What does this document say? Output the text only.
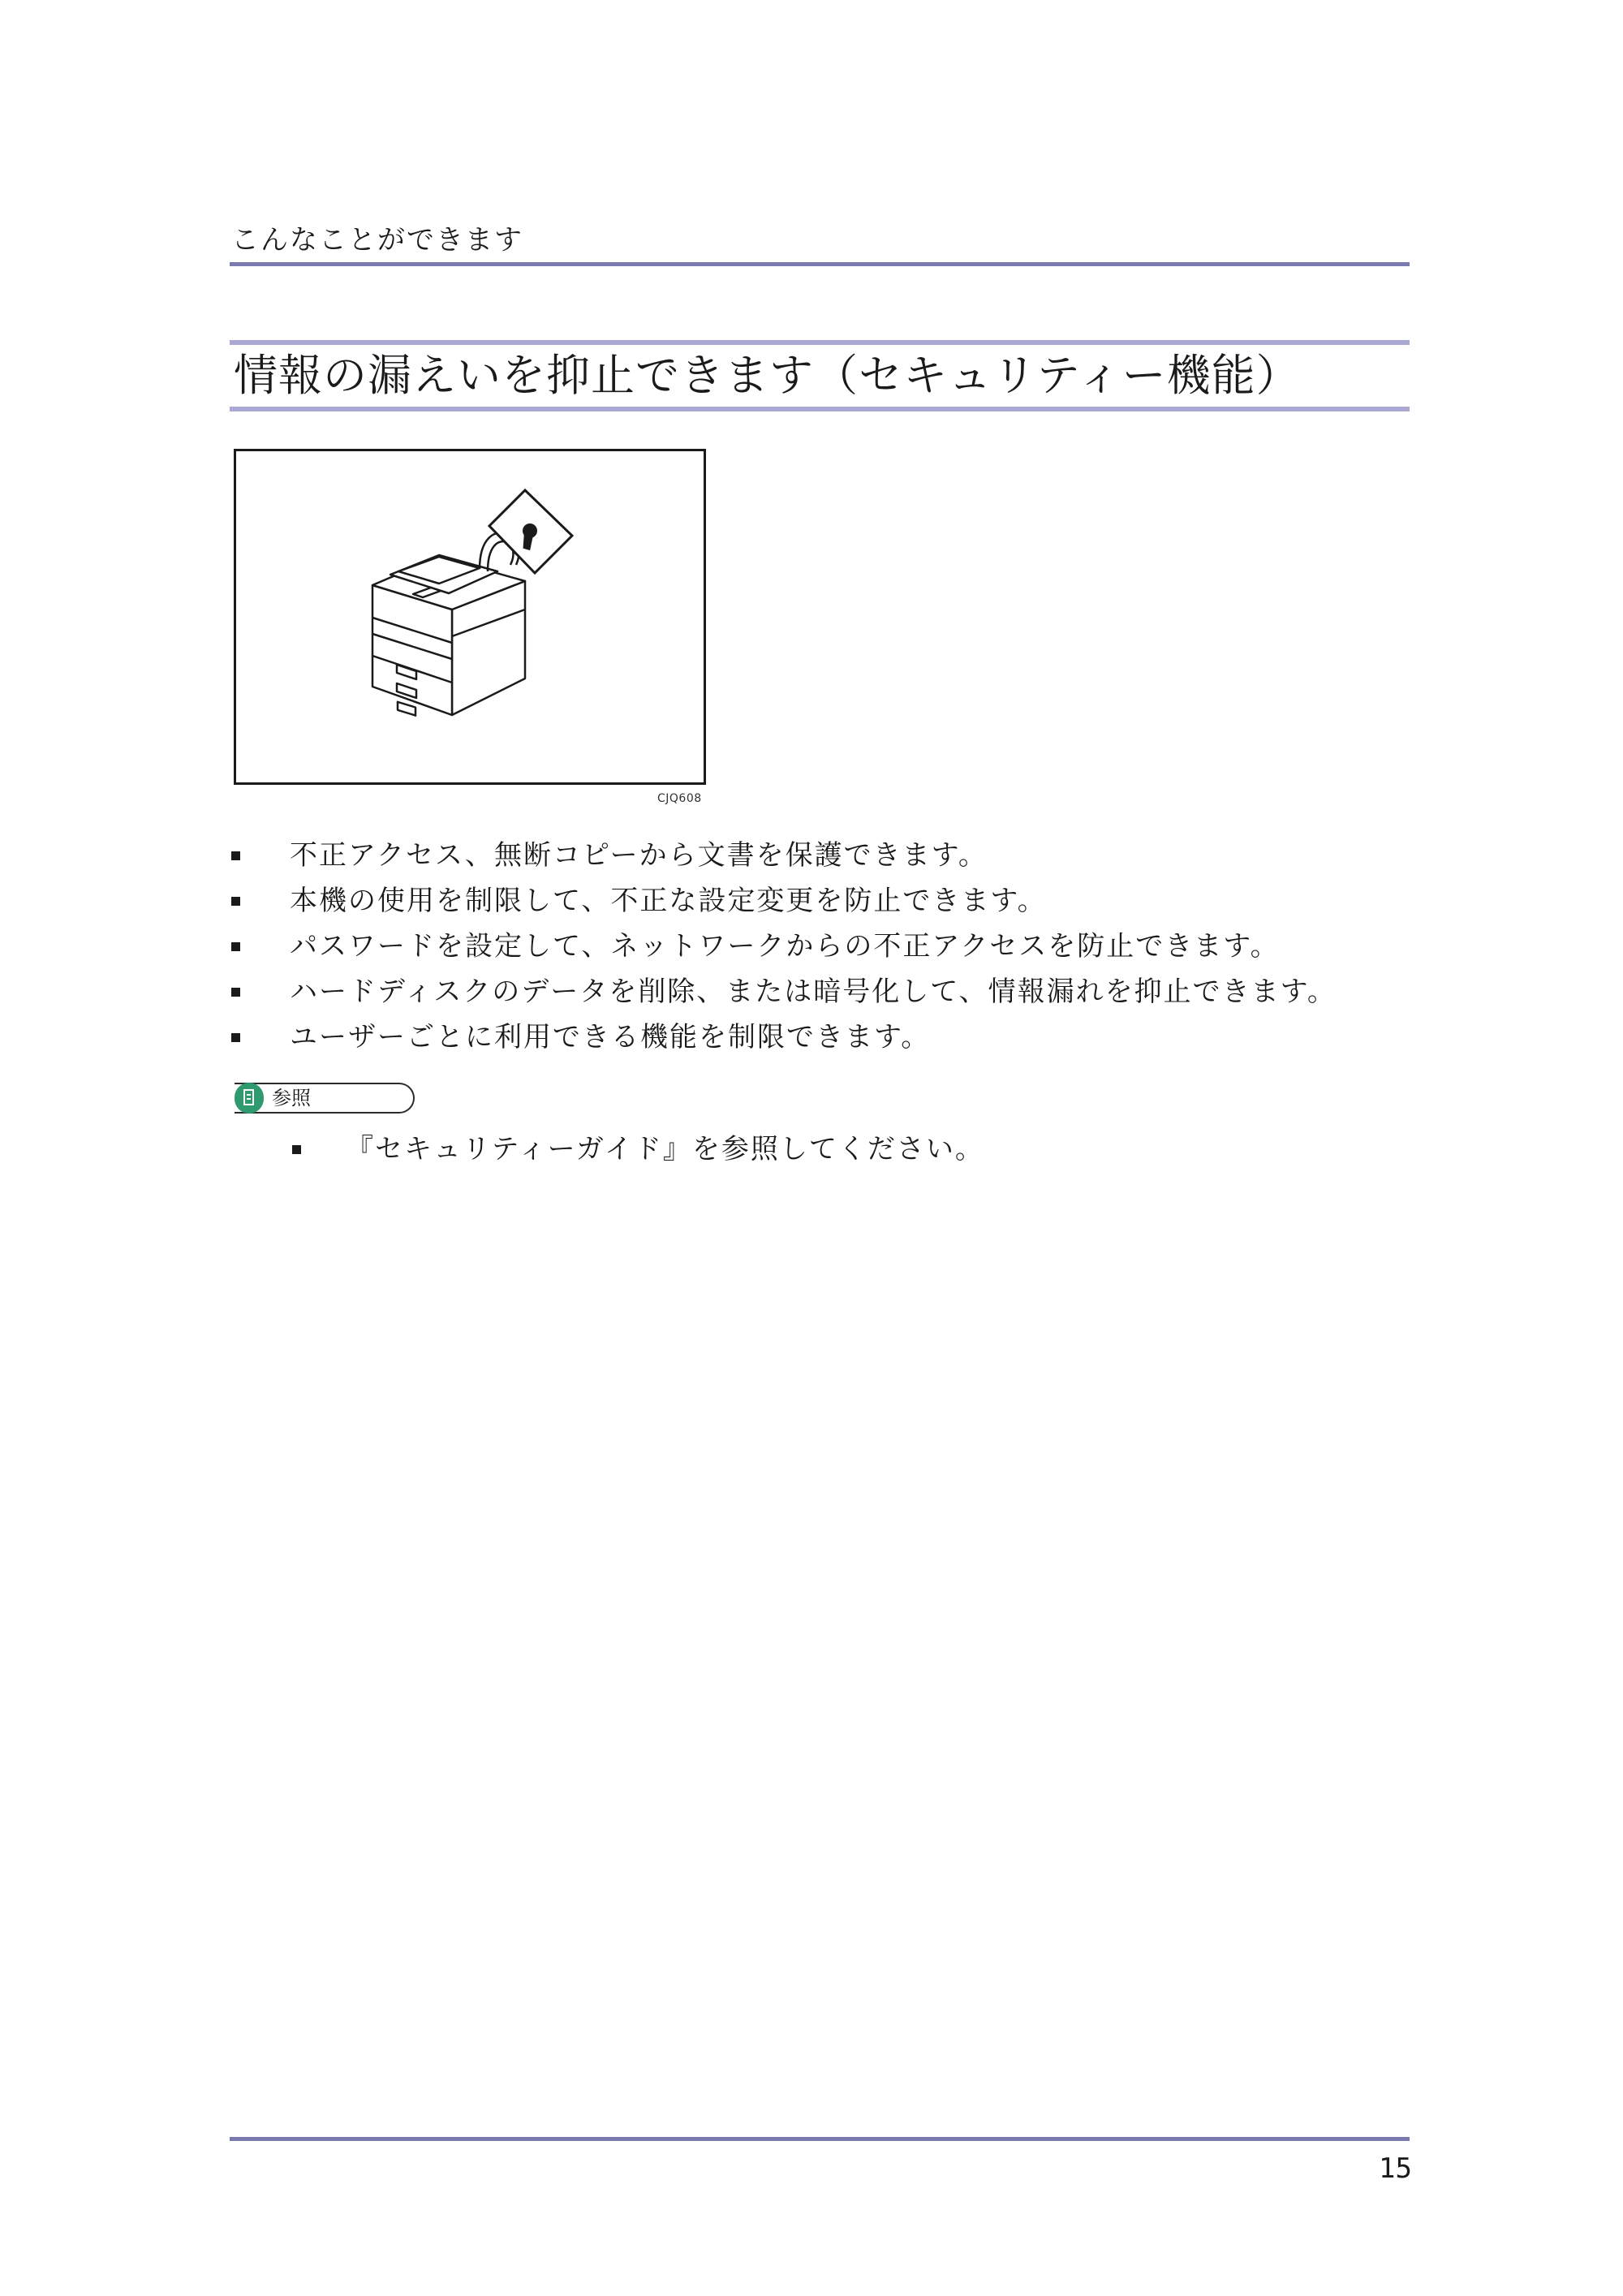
こんなことができます
情報の漏えいを抑止できます（セキュリティー機能）
CJQ608
不正アクセス、無断コピーから文書を保護できます。
本機の使用を制限して、不正な設定変更を防止できます。
パスワードを設定して、ネットワークからの不正アクセスを防止できます。
ハードディスクのデータを削除、または暗号化して、情報漏れを抑止できます。
ユーザーごとに利用できる機能を制限できます。
参照
『セキュリティーガイド』を参照してください。
15
